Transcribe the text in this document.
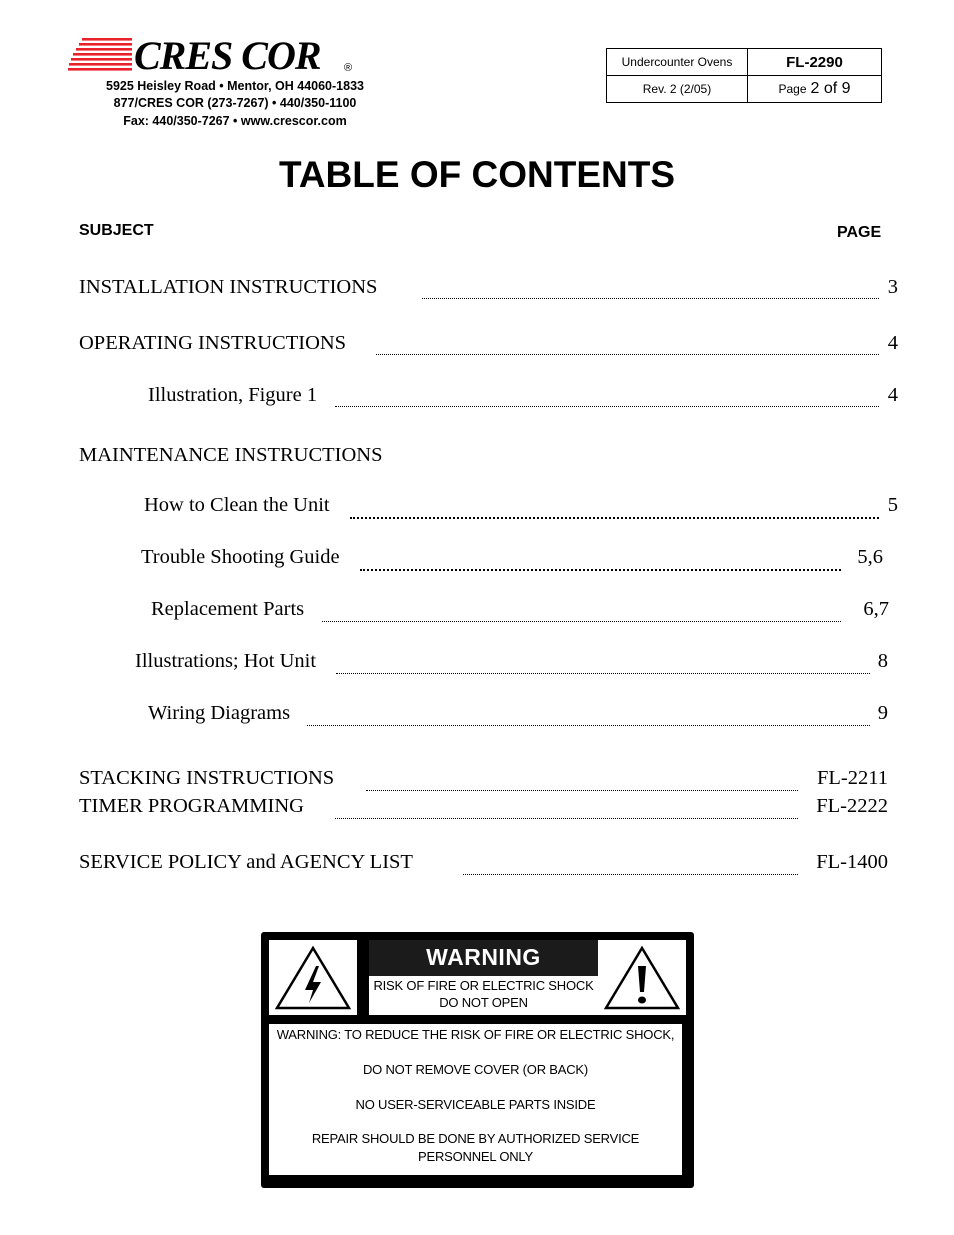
CRES COR ®
5925 Heisley Road • Mentor, OH 44060-1833
877/CRES COR (273-7267) • 440/350-1100
Fax: 440/350-7267 • www.crescor.com
Undercounter Ovens	FL-2290
Rev. 2 (2/05)	Page 2 of 9
TABLE OF CONTENTS
SUBJECT	PAGE
INSTALLATION INSTRUCTIONS	3
OPERATING INSTRUCTIONS	4
Illustration, Figure 1	4
MAINTENANCE INSTRUCTIONS
How to Clean the Unit	5
Trouble Shooting Guide	5,6
Replacement Parts	6,7
Illustrations; Hot Unit	8
Wiring Diagrams	9
STACKING INSTRUCTIONS	FL-2211
TIMER PROGRAMMING	FL-2222
SERVICE POLICY and AGENCY LIST	FL-1400
WARNING
RISK OF FIRE OR ELECTRIC SHOCK
DO NOT OPEN
WARNING: TO REDUCE THE RISK OF FIRE OR ELECTRIC SHOCK,
DO NOT REMOVE COVER (OR BACK)
NO USER-SERVICEABLE PARTS INSIDE
REPAIR SHOULD BE DONE BY AUTHORIZED SERVICE
PERSONNEL ONLY
